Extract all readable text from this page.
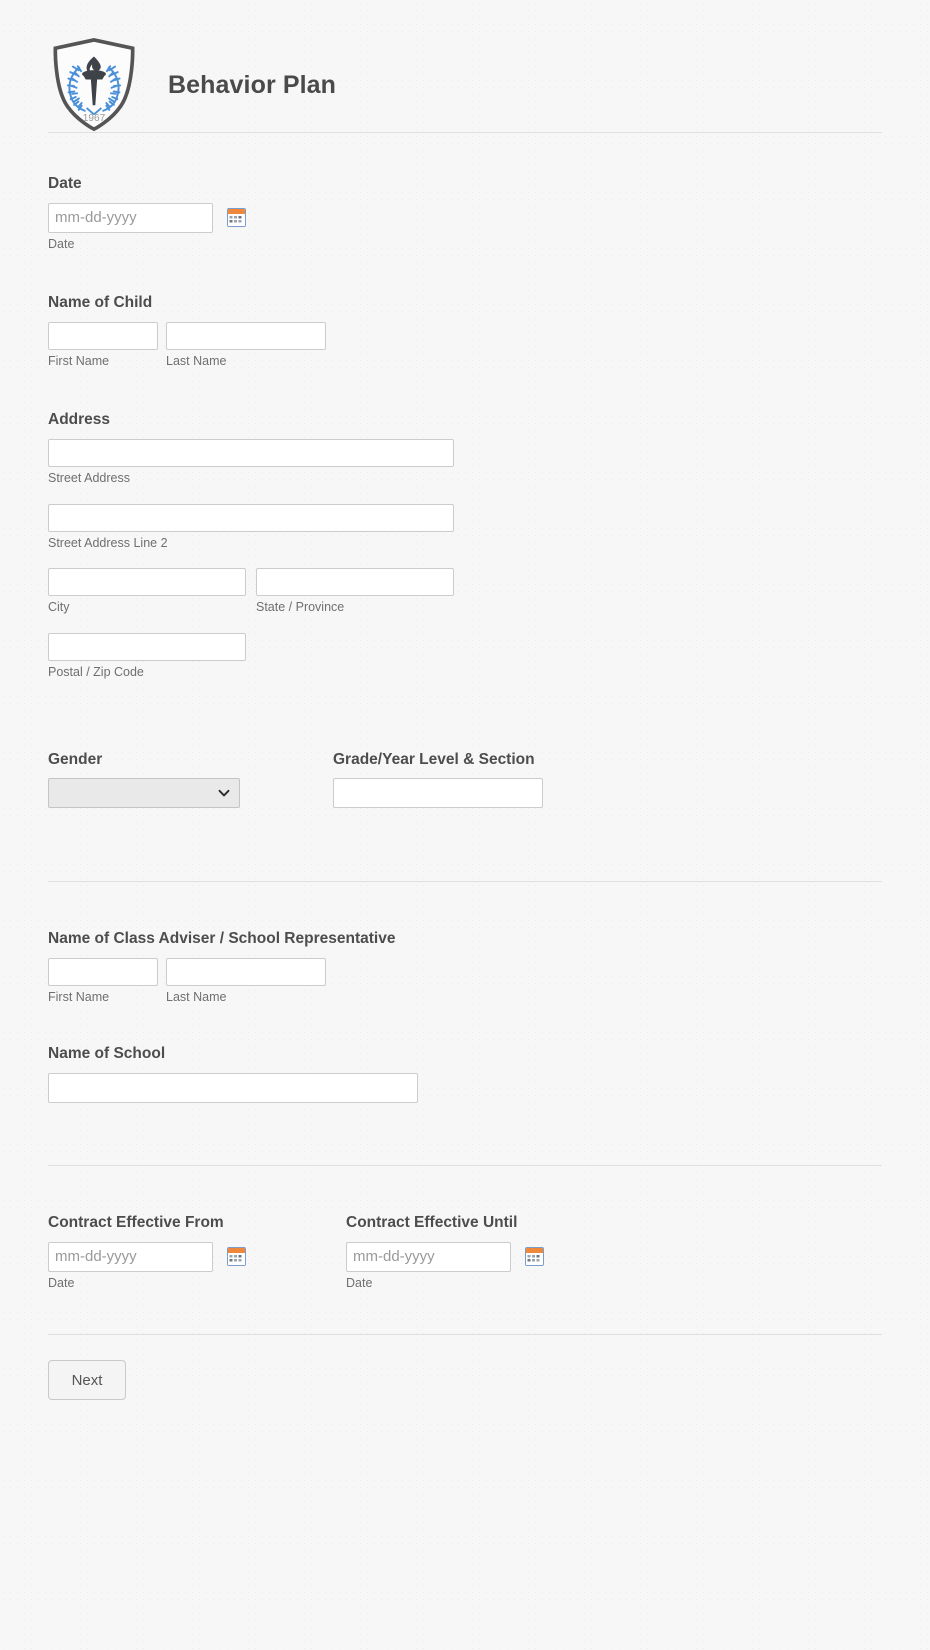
1967
Behavior Plan
Date
mm-dd-yyyy
Date
Name of Child
First Name	Last Name
Address
Street Address
Street Address Line 2
City	State / Province
Postal / Zip Code
Gender	Grade/Year Level & Section
Name of Class Adviser / School Representative
First Name	Last Name
Name of School
Contract Effective From
mm-dd-yyyy
Date
Contract Effective Until
mm-dd-yyyy
Date
Next
